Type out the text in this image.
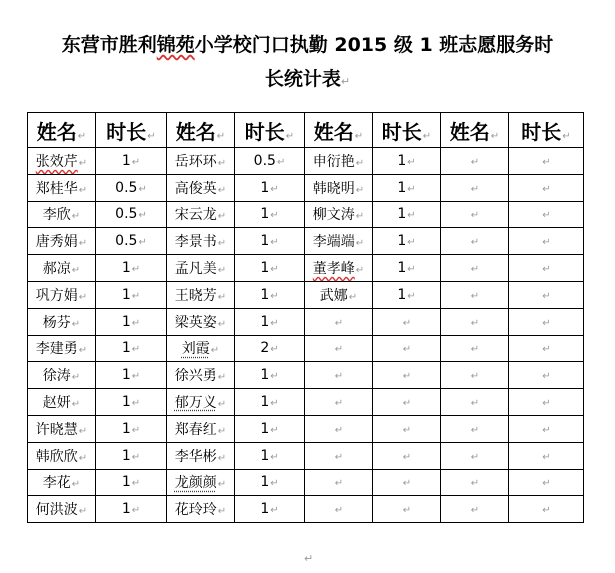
东营市胜利锦苑小学校门口执勤 2015 级 1 班志愿服务时
长统计表↵
姓名↵	时长↵	姓名↵	时长↵	姓名↵	时长↵	姓名↵	时长↵
张效芹↵	1↵	岳环环↵	0.5↵	申衍艳↵	1↵	↵	↵
郑桂华↵	0.5↵	高俊英↵	1↵	韩晓明↵	1↵	↵	↵
李欣↵	0.5↵	宋云龙↵	1↵	柳文涛↵	1↵	↵	↵
唐秀娟↵	0.5↵	李景书↵	1↵	李端端↵	1↵	↵	↵
郝凉↵	1↵	孟凡美↵	1↵	董孝峰↵	1↵	↵	↵
巩方娟↵	1↵	王晓芳↵	1↵	武娜↵	1↵	↵	↵
杨芬↵	1↵	梁英姿↵	1↵	↵	↵	↵	↵
李建勇↵	1↵	刘霞↵	2↵	↵	↵	↵	↵
徐涛↵	1↵	徐兴勇↵	1↵	↵	↵	↵	↵
赵妍↵	1↵	郁万义↵	1↵	↵	↵	↵	↵
许晓慧↵	1↵	郑春红↵	1↵	↵	↵	↵	↵
韩欣欣↵	1↵	李华彬↵	1↵	↵	↵	↵	↵
李花↵	1↵	龙颜颜↵	1↵	↵	↵	↵	↵
何洪波↵	1↵	花玲玲↵	1↵	↵	↵	↵	↵
↵
